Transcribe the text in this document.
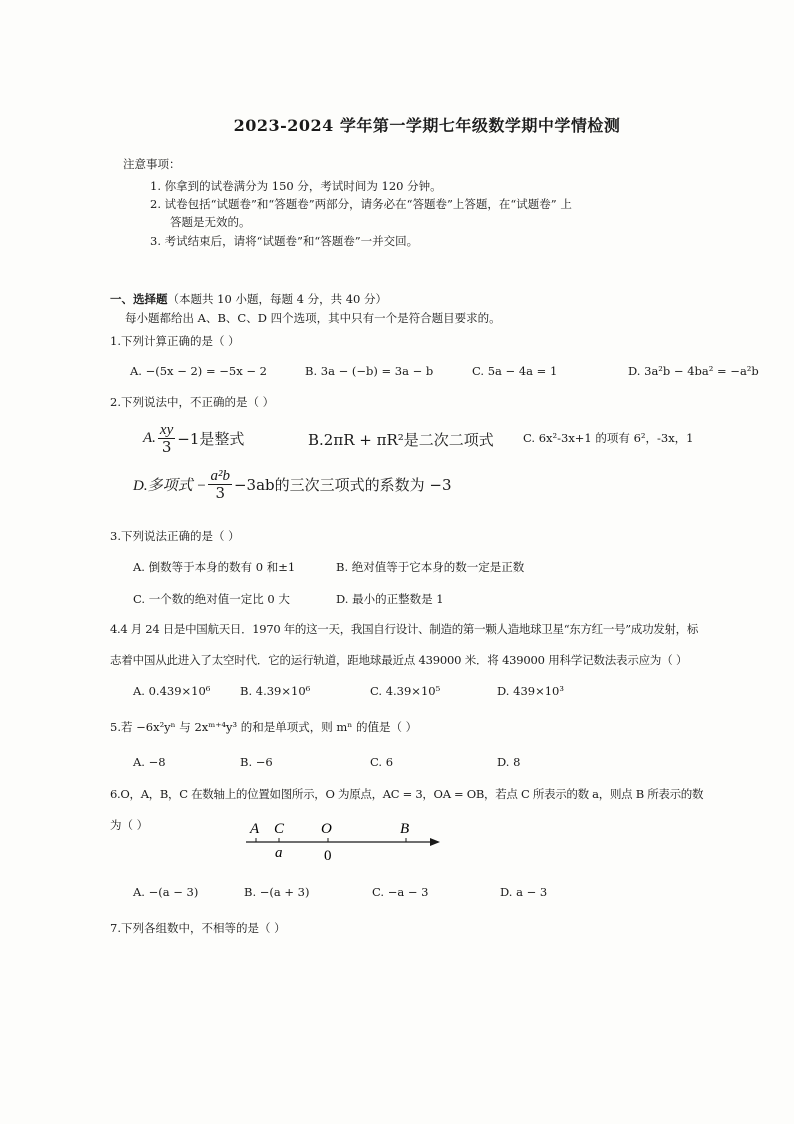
2023-2024 学年第一学期七年级数学期中学情检测
注意事项：
1. 你拿到的试卷满分为 150 分，考试时间为 120 分钟。
2. 试卷包括“试题卷”和“答题卷”两部分，请务必在“答题卷”上答题，在“试题卷” 上
答题是无效的。
3. 考试结束后，请将“试题卷”和“答题卷”一并交回。
一、选择题（本题共 10 小题，每题 4 分，共 40 分）
每小题都给出 A、B、C、D 四个选项，其中只有一个是符合题目要求的。
1.下列计算正确的是（ ）
A. −(5x − 2) = −5x − 2	B. 3a − (−b) = 3a − b	C. 5a − 4a = 1	D. 3a²b − 4ba² = −a²b
2.下列说法中，不正确的是（ ）
A. $\frac{xy}{3} -1$是整式	B.2πR + πR²是二次二项式	C. 6x²-3x+1 的项有 6²，-3x，1
D.多项式 − $\frac{\text{a²b}}{3} -3ab$的三次三项式的系数为 −3
3.下列说法正确的是（ ）
A. 倒数等于本身的数有 0 和±1	B. 绝对值等于它本身的数一定是正数
C. 一个数的绝对值一定比 0 大	D. 最小的正整数是 1
4.4 月 24 日是中国航天日．1970 年的这一天，我国自行设计、制造的第一颗人造地球卫星“东方红一号”成功发射，标
志着中国从此进入了太空时代．它的运行轨道，距地球最近点 439000 米．将 439000 用科学记数法表示应为（ ）
A. 0.439×10⁶	B. 4.39×10⁶	C. 4.39×10⁵	D. 439×10³
5.若 −6x²yⁿ 与 2xᵐ⁺⁴y³ 的和是单项式，则 mⁿ 的值是（ ）
A. −8	B. −6	C. 6	D. 8
6.O，A，B，C 在数轴上的位置如图所示，O 为原点，AC = 3，OA = OB，若点 C 所表示的数 a，则点 B 所表示的数
为（ ）	A C O	B
a	0
A. −(a − 3)	B. −(a + 3)	C. −a − 3	D. a − 3
7.下列各组数中，不相等的是（ ）
